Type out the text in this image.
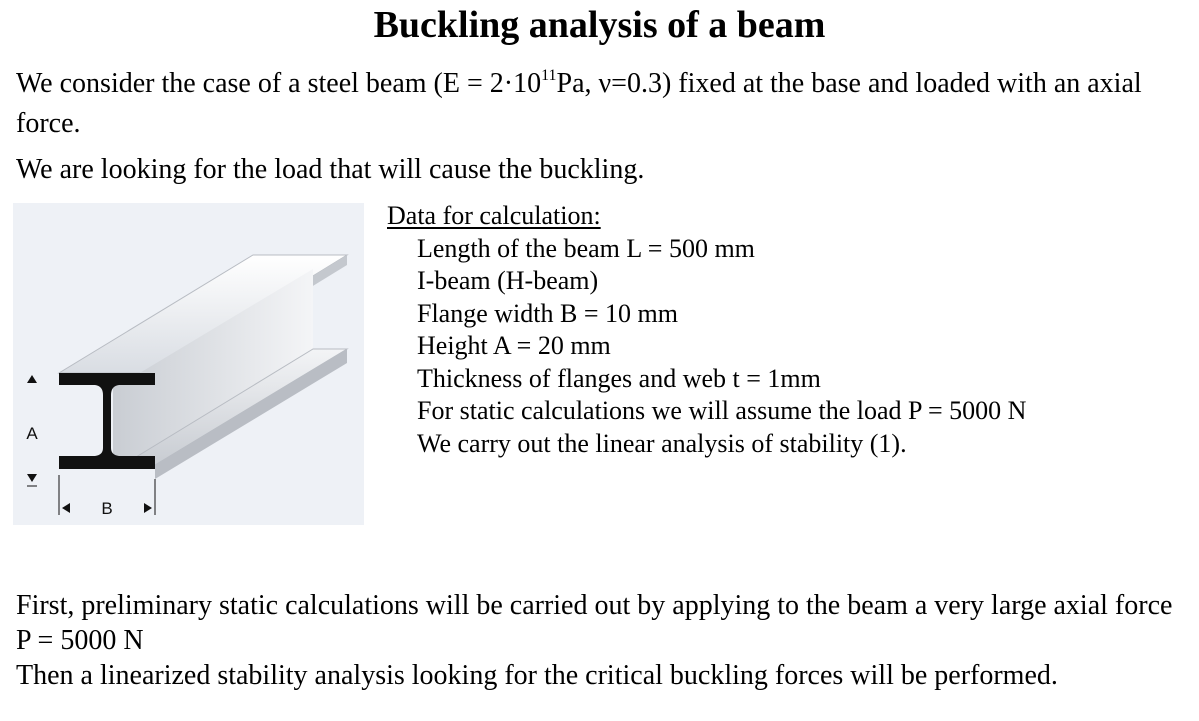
Buckling analysis of a beam
We consider the case of a steel beam ($E = 2\cdot 10^{11}Pa$, ν=0.3) fixed at the base and loaded with an axial force.
We are looking for the load that will cause the buckling.
A
B
Data for calculation:
Length of the beam L = 500 mm
I-beam (H-beam)
Flange width B = 10 mm
Height A = 20 mm
Thickness of flanges and web t = 1mm
For static calculations we will assume the load P = 5000 N
We carry out the linear analysis of stability (1).

First, preliminary static calculations will be carried out by applying to the beam a very large axial force P = 5000 N

Then a linearized stability analysis looking for the critical buckling forces will be performed.
